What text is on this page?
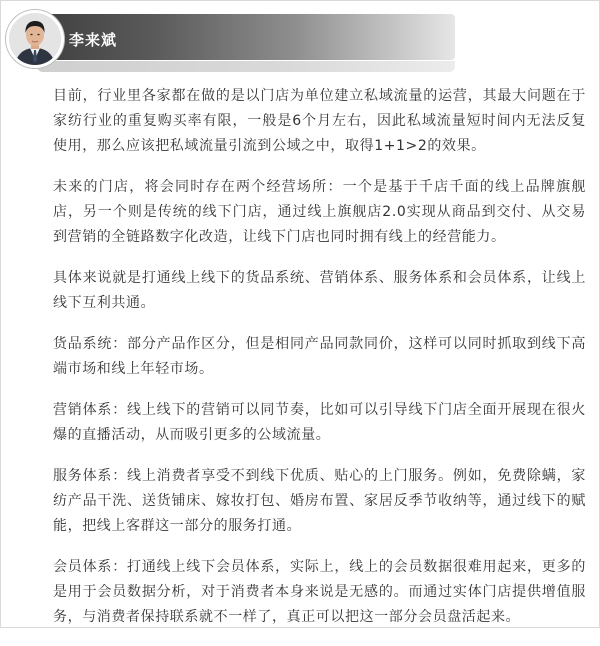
李来斌

目前，行业里各家都在做的是以门店为单位建立私域流量的运营，其最大问题在于家纺行业的重复购买率有限，一般是6个月左右，因此私域流量短时间内无法反复使用，那么应该把私域流量引流到公域之中，取得1+1>2的效果。

未来的门店，将会同时存在两个经营场所：一个是基于千店千面的线上品牌旗舰店，另一个则是传统的线下门店，通过线上旗舰店2.0实现从商品到交付、从交易到营销的全链路数字化改造，让线下门店也同时拥有线上的经营能力。

具体来说就是打通线上线下的货品系统、营销体系、服务体系和会员体系，让线上线下互利共通。

货品系统：部分产品作区分，但是相同产品同款同价，这样可以同时抓取到线下高端市场和线上年轻市场。

营销体系：线上线下的营销可以同节奏，比如可以引导线下门店全面开展现在很火爆的直播活动，从而吸引更多的公域流量。

服务体系：线上消费者享受不到线下优质、贴心的上门服务。例如，免费除螨，家纺产品干洗、送货铺床、嫁妆打包、婚房布置、家居反季节收纳等，通过线下的赋能，把线上客群这一部分的服务打通。

会员体系：打通线上线下会员体系，实际上，线上的会员数据很难用起来，更多的是用于会员数据分析，对于消费者本身来说是无感的。而通过实体门店提供增值服务，与消费者保持联系就不一样了，真正可以把这一部分会员盘活起来。
